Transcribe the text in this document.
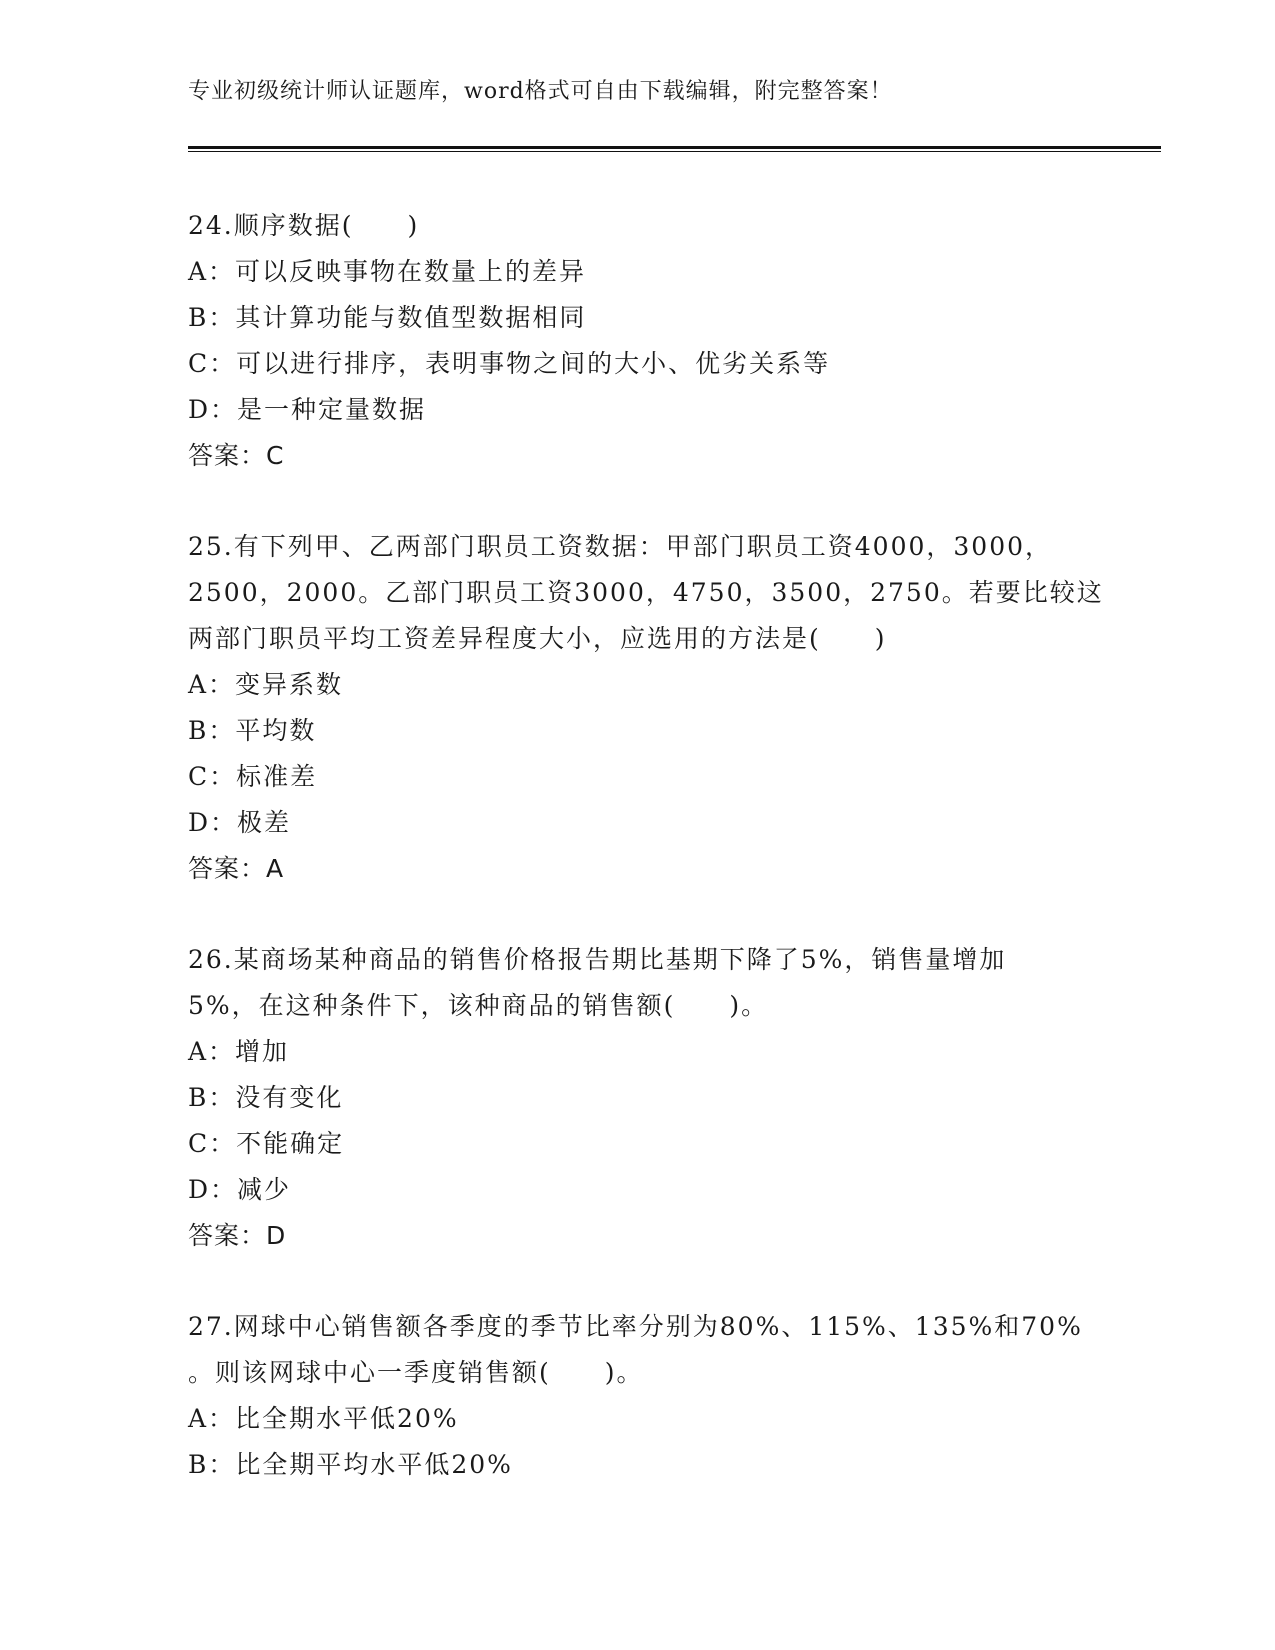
专业初级统计师认证题库，word格式可自由下载编辑，附完整答案！
24.顺序数据(　　)
A：可以反映事物在数量上的差异
B：其计算功能与数值型数据相同
C：可以进行排序，表明事物之间的大小、优劣关系等
D：是一种定量数据
答案：C
25.有下列甲、乙两部门职员工资数据：甲部门职员工资4000，3000，
2500，2000。乙部门职员工资3000，4750，3500，2750。若要比较这
两部门职员平均工资差异程度大小，应选用的方法是(　　)
A：变异系数
B：平均数
C：标准差
D：极差
答案：A
26.某商场某种商品的销售价格报告期比基期下降了5%，销售量增加
5%，在这种条件下，该种商品的销售额(　　)。
A：增加
B：没有变化
C：不能确定
D：减少
答案：D
27.网球中心销售额各季度的季节比率分别为80%、115%、135%和70%
。则该网球中心一季度销售额(　　)。
A：比全期水平低20%
B：比全期平均水平低20%
